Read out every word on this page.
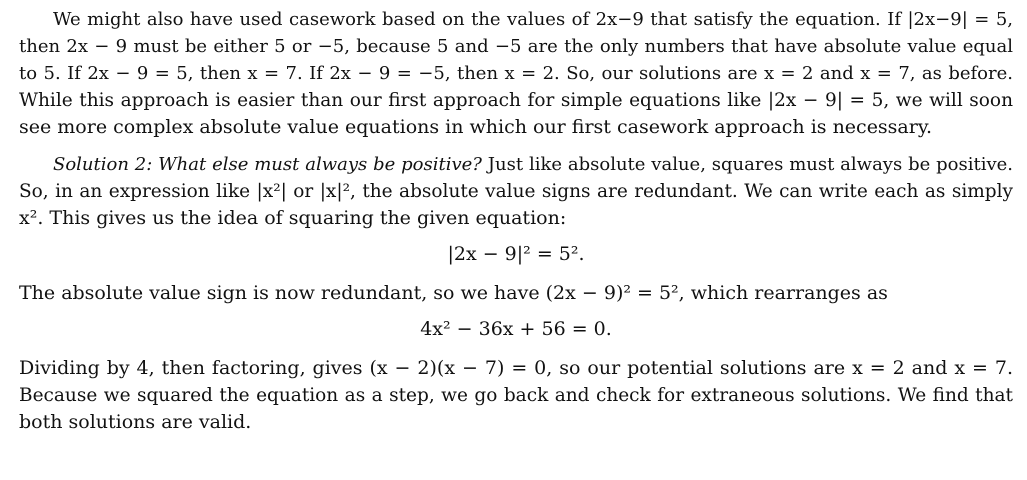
We might also have used casework based on the values of 2x−9 that satisfy the equation. If |2x−9| = 5,
then 2x − 9 must be either 5 or −5, because 5 and −5 are the only numbers that have absolute value equal
to 5. If 2x − 9 = 5, then x = 7. If 2x − 9 = −5, then x = 2. So, our solutions are x = 2 and x = 7, as before.
While this approach is easier than our first approach for simple equations like |2x − 9| = 5, we will soon
see more complex absolute value equations in which our first casework approach is necessary.
Solution 2: What else must always be positive? Just like absolute value, squares must always be positive.
So, in an expression like |x²| or |x|², the absolute value signs are redundant. We can write each as simply
x². This gives us the idea of squaring the given equation:
|2x − 9|² = 5².
The absolute value sign is now redundant, so we have (2x − 9)² = 5², which rearranges as
4x² − 36x + 56 = 0.
Dividing by 4, then factoring, gives (x − 2)(x − 7) = 0, so our potential solutions are x = 2 and x = 7.
Because we squared the equation as a step, we go back and check for extraneous solutions. We find that
both solutions are valid.
